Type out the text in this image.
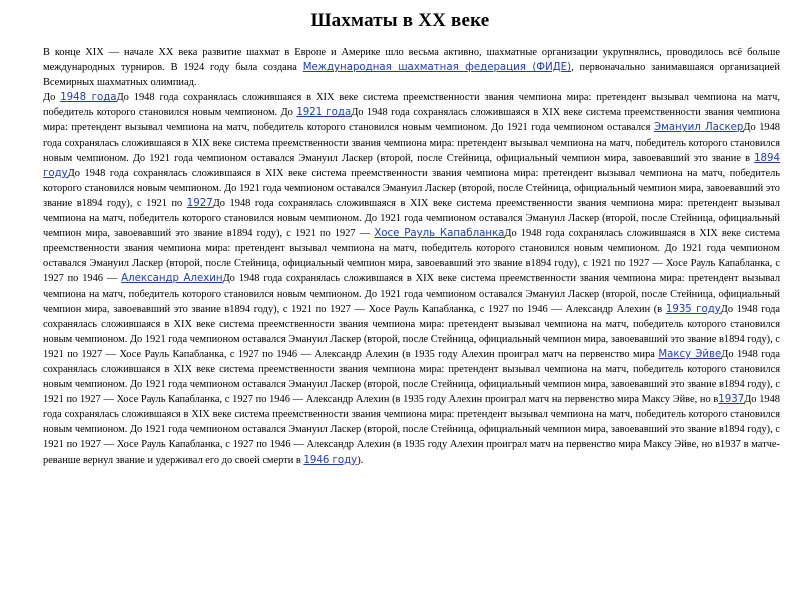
Шахматы в XX веке

В конце XIX — начале XX века развитие шахмат в Европе и Америке шло весьма активно, шахматные организации укрупнялись, проводилось всё больше международных турниров. В 1924 году была создана Международная шахматная федерация (ФИДЕ), первоначально занимавшаяся организацией Всемирных шахматных олимпиад.

До 1948 годаДо 1948 года сохранялась сложившаяся в XIX веке система преемственности звания чемпиона мира: претендент вызывал чемпиона на матч, победитель которого становился новым чемпионом. До 1921 годаДо 1948 года сохранялась сложившаяся в XIX веке система преемственности звания чемпиона мира: претендент вызывал чемпиона на матч, победитель которого становился новым чемпионом. До 1921 года чемпионом оставался Эмануил ЛаскерДо 1948 года сохранялась сложившаяся в XIX веке система преемственности звания чемпиона мира: претендент вызывал чемпиона на матч, победитель которого становился новым чемпионом. До 1921 года чемпионом оставался Эмануил Ласкер (второй, после Стейница, официальный чемпион мира, завоевавший это звание в 1894 годуДо 1948 года сохранялась сложившаяся в XIX веке система преемственности звания чемпиона мира: претендент вызывал чемпиона на матч, победитель которого становился новым чемпионом. До 1921 года чемпионом оставался Эмануил Ласкер (второй, после Стейница, официальный чемпион мира, завоевавший это звание в1894 году), с 1921 по 1927До 1948 года сохранялась сложившаяся в XIX веке система преемственности звания чемпиона мира: претендент вызывал чемпиона на матч, победитель которого становился новым чемпионом. До 1921 года чемпионом оставался Эмануил Ласкер (второй, после Стейница, официальный чемпион мира, завоевавший это звание в1894 году), с 1921 по 1927 — Хосе Рауль КапабланкаДо 1948 года сохранялась сложившаяся в XIX веке система преемственности звания чемпиона мира: претендент вызывал чемпиона на матч, победитель которого становился новым чемпионом. До 1921 года чемпионом оставался Эмануил Ласкер (второй, после Стейница, официальный чемпион мира, завоевавший это звание в1894 году), с 1921 по 1927 — Хосе Рауль Капабланка, с 1927 по 1946 — Александр АлехинДо 1948 года сохранялась сложившаяся в XIX веке система преемственности звания чемпиона мира: претендент вызывал чемпиона на матч, победитель которого становился новым чемпионом. До 1921 года чемпионом оставался Эмануил Ласкер (второй, после Стейница, официальный чемпион мира, завоевавший это звание в1894 году), с 1921 по 1927 — Хосе Рауль Капабланка, с 1927 по 1946 — Александр Алехин (в 1935 годуДо 1948 года сохранялась сложившаяся в XIX веке система преемственности звания чемпиона мира: претендент вызывал чемпиона на матч, победитель которого становился новым чемпионом. До 1921 года чемпионом оставался Эмануил Ласкер (второй, после Стейница, официальный чемпион мира, завоевавший это звание в1894 году), с 1921 по 1927 — Хосе Рауль Капабланка, с 1927 по 1946 — Александр Алехин (в 1935 году Алехин проиграл матч на первенство мира Максу ЭйвеДо 1948 года сохранялась сложившаяся в XIX веке система преемственности звания чемпиона мира: претендент вызывал чемпиона на матч, победитель которого становился новым чемпионом. До 1921 года чемпионом оставался Эмануил Ласкер (второй, после Стейница, официальный чемпион мира, завоевавший это звание в1894 году), с 1921 по 1927 — Хосе Рауль Капабланка, с 1927 по 1946 — Александр Алехин (в 1935 году Алехин проиграл матч на первенство мира Максу Эйве, но в1937До 1948 года сохранялась сложившаяся в XIX веке система преемственности звания чемпиона мира: претендент вызывал чемпиона на матч, победитель которого становился новым чемпионом. До 1921 года чемпионом оставался Эмануил Ласкер (второй, после Стейница, официальный чемпион мира, завоевавший это звание в1894 году), с 1921 по 1927 — Хосе Рауль Капабланка, с 1927 по 1946 — Александр Алехин (в 1935 году Алехин проиграл матч на первенство мира Максу Эйве, но в1937 в матче-реванше вернул звание и удерживал его до своей смерти в 1946 году).
